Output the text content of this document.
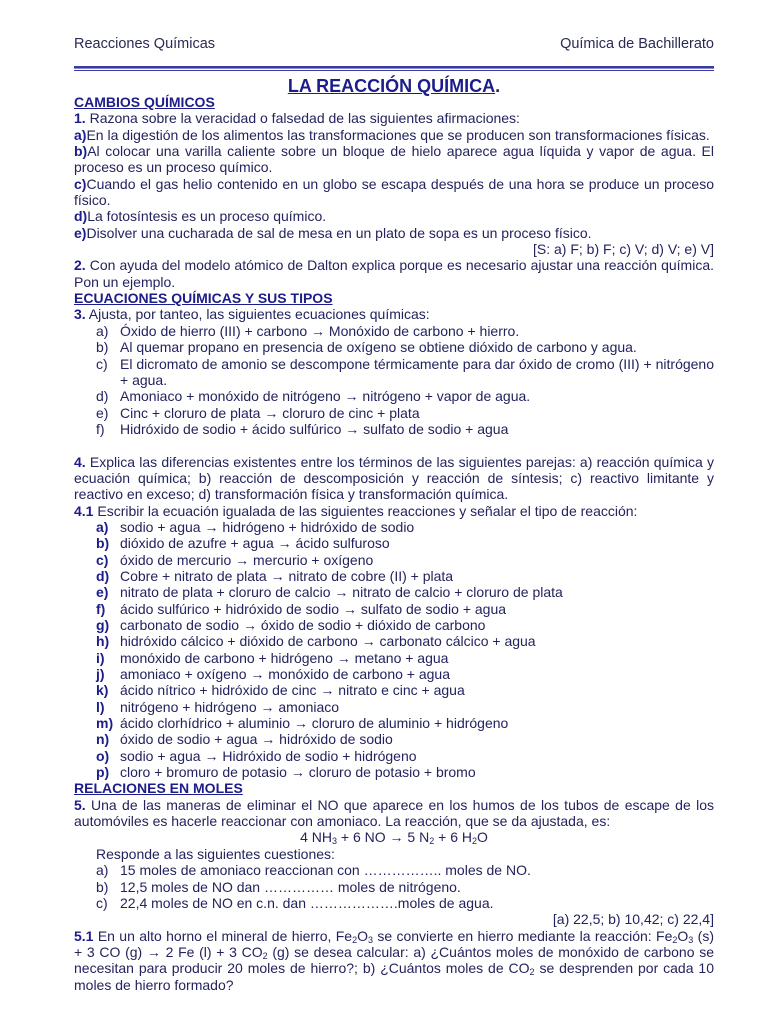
Reacciones Químicas	Química de Bachillerato
LA REACCIÓN QUÍMICA.
CAMBIOS QUÍMICOS

1. Razona sobre la veracidad o falsedad de las siguientes afirmaciones:

a)En la digestión de los alimentos las transformaciones que se producen son transformaciones físicas.

b)Al colocar una varilla caliente sobre un bloque de hielo aparece agua líquida y vapor de agua. El proceso es un proceso químico.

c)Cuando el gas helio contenido en un globo se escapa después de una hora se produce un proceso físico.

d)La fotosíntesis es un proceso químico.

e)Disolver una cucharada de sal de mesa en un plato de sopa es un proceso físico.

[S: a) F; b) F; c) V; d) V; e) V]

2. Con ayuda del modelo atómico de Dalton explica porque es necesario ajustar una reacción química. Pon un ejemplo.

ECUACIONES QUÍMICAS Y SUS TIPOS

3. Ajusta, por tanteo, las siguientes ecuaciones químicas:

a) Óxido de hierro (III) + carbono → Monóxido de carbono + hierro.

b) Al quemar propano en presencia de oxígeno se obtiene dióxido de carbono y agua.

c) El dicromato de amonio se descompone térmicamente para dar óxido de cromo (III) + nitrógeno + agua.

d) Amoniaco + monóxido de nitrógeno → nitrógeno + vapor de agua.

e) Cinc + cloruro de plata → cloruro de cinc + plata

f) Hidróxido de sodio + ácido sulfúrico → sulfato de sodio + agua

4. Explica las diferencias existentes entre los términos de las siguientes parejas: a) reacción química y ecuación química; b) reacción de descomposición y reacción de síntesis; c) reactivo limitante y reactivo en exceso; d) transformación física y transformación química.

4.1 Escribir la ecuación igualada de las siguientes reacciones y señalar el tipo de reacción:

a) sodio + agua → hidrógeno + hidróxido de sodio

b) dióxido de azufre + agua → ácido sulfuroso

c) óxido de mercurio → mercurio + oxígeno

d) Cobre + nitrato de plata → nitrato de cobre (II) + plata

e) nitrato de plata + cloruro de calcio → nitrato de calcio + cloruro de plata

f) ácido sulfúrico + hidróxido de sodio → sulfato de sodio + agua

g) carbonato de sodio → óxido de sodio + dióxido de carbono

h) hidróxido cálcico + dióxido de carbono → carbonato cálcico + agua

i) monóxido de carbono + hidrógeno → metano + agua

j) amoniaco + oxígeno → monóxido de carbono + agua

k) ácido nítrico + hidróxido de cinc → nitrato e cinc + agua

l) nitrógeno + hidrógeno → amoniaco

m) ácido clorhídrico + aluminio → cloruro de aluminio + hidrógeno

n) óxido de sodio + agua → hidróxido de sodio

o) sodio + agua → Hidróxido de sodio + hidrógeno

p) cloro + bromuro de potasio → cloruro de potasio + bromo

RELACIONES EN MOLES

5. Una de las maneras de eliminar el NO que aparece en los humos de los tubos de escape de los automóviles es hacerle reaccionar con amoniaco. La reacción, que se da ajustada, es:

4 $NH_3 + 6$ NO → 5 $N_2 + 6$ $H_2O$

Responde a las siguientes cuestiones:

a) 15 moles de amoniaco reaccionan con …………….. moles de NO.

b) 12,5 moles de NO dan …………… moles de nitrógeno.

c) 22,4 moles de NO en c.n. dan ……………….moles de agua.

[a) 22,5; b) 10,42; c) 22,4]

5.1 En un alto horno el mineral de hierro, $Fe_2O_3$ se convierte en hierro mediante la reacción: $Fe_2O_3$ (s) + 3 CO (g) → 2 Fe (l) + 3 $CO_2$ (g) se desea calcular: a) ¿Cuántos moles de monóxido de carbono se necesitan para producir 20 moles de hierro?; b) ¿Cuántos moles de $CO_2$ se desprenden por cada 10 moles de hierro formado?
